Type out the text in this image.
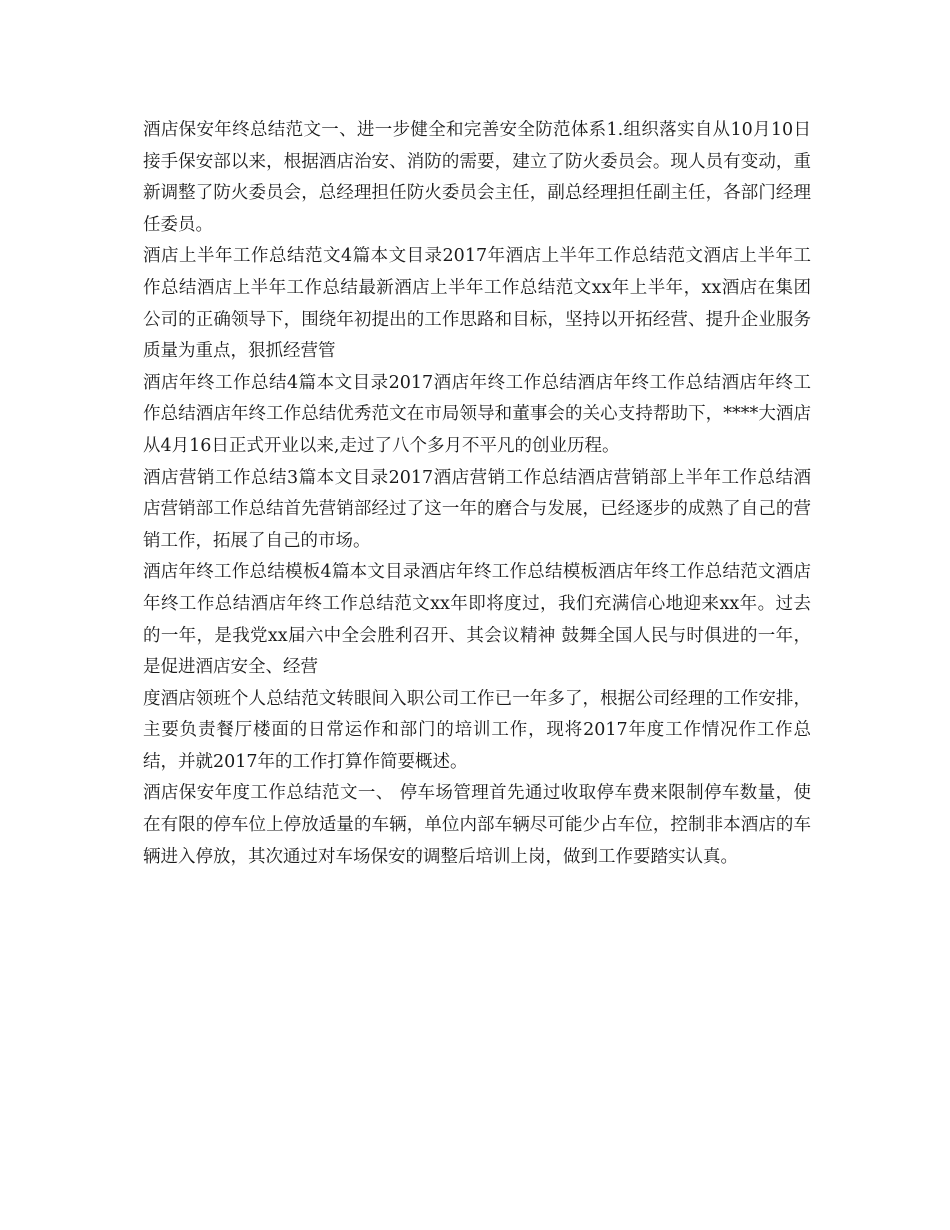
酒店保安年终总结范文一、进一步健全和完善安全防范体系1.组织落实自从10月10日接手保安部以来，根据酒店治安、消防的需要，建立了防火委员会。现人员有变动，重新调整了防火委员会，总经理担任防火委员会主任，副总经理担任副主任，各部门经理任委员。

酒店上半年工作总结范文4篇本文目录2017年酒店上半年工作总结范文酒店上半年工作总结酒店上半年工作总结最新酒店上半年工作总结范文xx年上半年，xx酒店在集团公司的正确领导下，围绕年初提出的工作思路和目标，坚持以开拓经营、提升企业服务质量为重点，狠抓经营管

酒店年终工作总结4篇本文目录2017酒店年终工作总结酒店年终工作总结酒店年终工作总结酒店年终工作总结优秀范文在市局领导和董事会的关心支持帮助下，****大酒店从4月16日正式开业以来,走过了八个多月不平凡的创业历程。

酒店营销工作总结3篇本文目录2017酒店营销工作总结酒店营销部上半年工作总结酒店营销部工作总结首先营销部经过了这一年的磨合与发展，已经逐步的成熟了自己的营销工作，拓展了自己的市场。

酒店年终工作总结模板4篇本文目录酒店年终工作总结模板酒店年终工作总结范文酒店年终工作总结酒店年终工作总结范文xx年即将度过，我们充满信心地迎来xx年。过去的一年，是我党xx届六中全会胜利召开、其会议精神 鼓舞全国人民与时俱进的一年，是促进酒店安全、经营

度酒店领班个人总结范文转眼间入职公司工作已一年多了，根据公司经理的工作安排，主要负责餐厅楼面的日常运作和部门的培训工作，现将2017年度工作情况作工作总结，并就2017年的工作打算作简要概述。

酒店保安年度工作总结范文一、 停车场管理首先通过收取停车费来限制停车数量，使在有限的停车位上停放适量的车辆，单位内部车辆尽可能少占车位，控制非本酒店的车辆进入停放，其次通过对车场保安的调整后培训上岗，做到工作要踏实认真。
